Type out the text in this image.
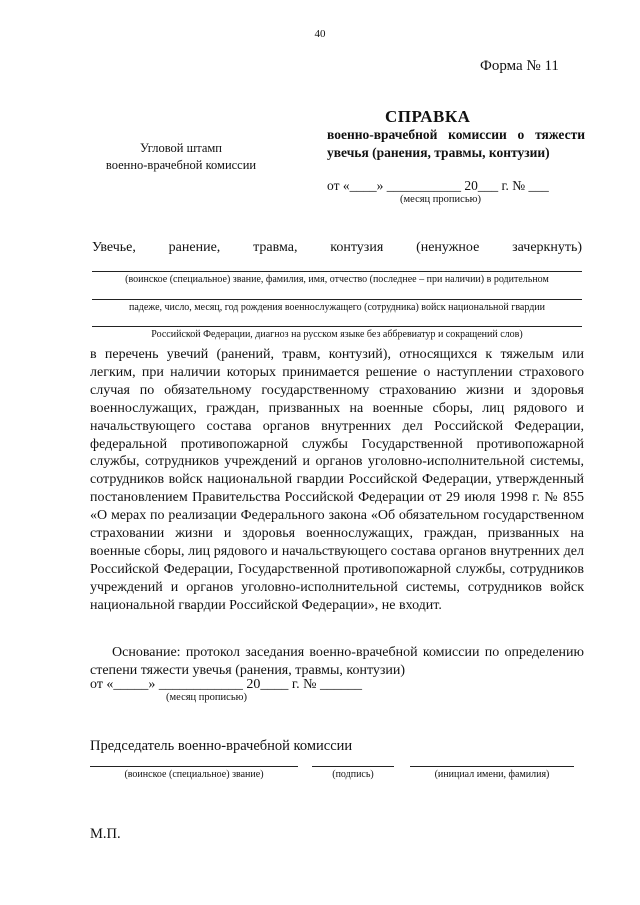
40
Форма № 11
Угловой штамп
военно-врачебной комиссии
СПРАВКА
военно-врачебной комиссии о тяжести увечья (ранения, травмы, контузии)
от «____» ___________ 20___ г. № ___
(месяц прописью)
Увечье, ранение, травма, контузия (ненужное зачеркнуть)
(воинское (специальное) звание, фамилия, имя, отчество (последнее – при наличии) в родительном
падеже, число, месяц, год рождения военнослужащего (сотрудника) войск национальной гвардии
Российской Федерации, диагноз на русском языке без аббревиатур и сокращений слов)
в перечень увечий (ранений, травм, контузий), относящихся к тяжелым или легким, при наличии которых принимается решение о наступлении страхового случая по обязательному государственному страхованию жизни и здоровья военнослужащих, граждан, призванных на военные сборы, лиц рядового и начальствующего состава органов внутренних дел Российской Федерации, федеральной противопожарной службы Государственной противопожарной службы, сотрудников учреждений и органов уголовно-исполнительной системы, сотрудников войск национальной гвардии Российской Федерации, утвержденный постановлением Правительства Российской Федерации от 29 июля 1998 г. № 855 «О мерах по реализации Федерального закона «Об обязательном государственном страховании жизни и здоровья военнослужащих, граждан, призванных на военные сборы, лиц рядового и начальствующего состава органов внутренних дел Российской Федерации, Государственной противопожарной службы, сотрудников учреждений и органов уголовно-исполнительной системы, сотрудников войск национальной гвардии Российской Федерации», не входит.
Основание: протокол заседания военно-врачебной комиссии по определению степени тяжести увечья (ранения, травмы, контузии)
от «_____» ____________ 20____ г. № ______
(месяц прописью)
Председатель военно-врачебной комиссии
(воинское (специальное) звание)	(подпись)	(инициал имени, фамилия)
М.П.
